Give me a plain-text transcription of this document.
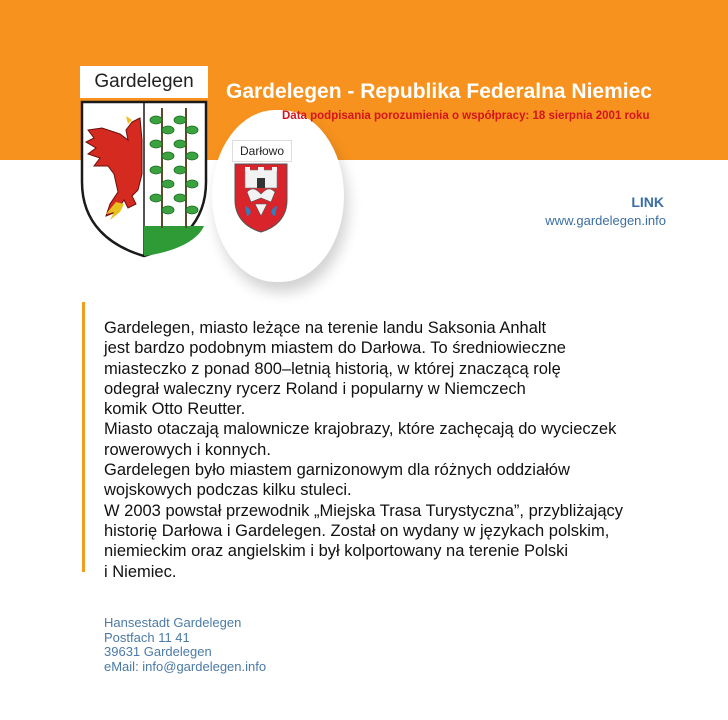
Gardelegen
Darłowo
Gardelegen - Republika Federalna Niemiec
Data podpisania porozumienia o współpracy: 18 sierpnia 2001 roku
LINK
www.gardelegen.info

Gardelegen, miasto leżące na terenie landu Saksonia Anhalt

jest bardzo podobnym miastem do Darłowa. To średniowieczne

miasteczko z ponad 800–letnią historią, w której znaczącą rolę

odegrał waleczny rycerz Roland i popularny w Niemczech

komik Otto Reutter.

Miasto otaczają malownicze krajobrazy, które zachęcają do wycieczek

rowerowych i konnych.

Gardelegen było miastem garnizonowym dla różnych oddziałów

wojskowych podczas kilku stuleci.

W 2003 powstał przewodnik „Miejska Trasa Turystyczna”, przybliżający

historię Darłowa i Gardelegen. Został on wydany w językach polskim,

niemieckim oraz angielskim i był kolportowany na terenie Polski

i Niemiec.

Hansestadt Gardelegen
Postfach 11 41
39631 Gardelegen
eMail: info@gardelegen.info
